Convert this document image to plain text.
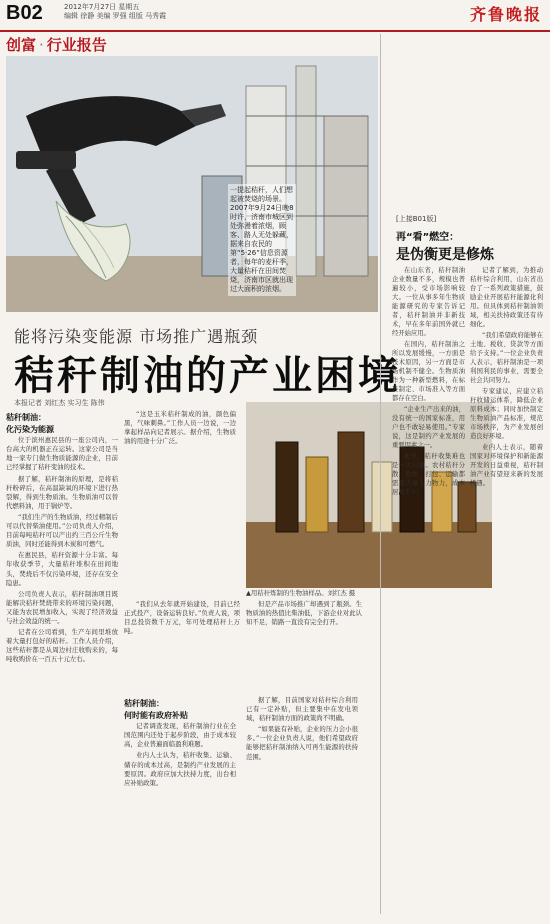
B02	2012年7月27日 星期五
编辑 徐静 美编 罗强 组版 马秀霞	齐鲁晚报
创富 · 行业报告
一提起秸秆，人们想起被焚烧的场景。2007年9月24日晚8时许，济南市城区到处弥漫着浓烟，顾客、路人无处躲藏，据来自农民的第“5·26”信息资源者，每年的麦秆季，大量秸秆在田间焚烧，济南市区就出现过大面积的浓烟。
能将污染变能源 市场推广遇瓶颈
秸秆制油的产业困境
本报记者 刘红杰 实习生 陈伟
秸秆制油：
化污染为能源

位于滨州惠民县的一座公司内，一台高大的机器正在运转。这家公司是当地一家专门做生物质能源的企业，目前已经掌握了秸秆变油的技术。

据了解，秸秆制油的原理，是将秸秆粉碎后，在高温缺氧的环境下进行热裂解，得到生物质油。生物质油可以替代燃料油，用于锅炉等。

“我们生产的生物质油，经过精制后可以代替柴油使用。”公司负责人介绍，目前每吨秸秆可以产出约三百公斤生物质油，同时还能得到木炭和可燃气。

在惠民县，秸秆资源十分丰富。每年收获季节，大量秸秆堆积在田间地头，焚烧后不仅污染环境，还存在安全隐患。

公司负责人表示，秸秆制油项目既能解决秸秆焚烧带来的环境污染问题，又能为农民增加收入，实现了经济效益与社会效益的统一。

记者在公司看到，生产车间里堆放着大量打包好的秸秆。工作人员介绍，这些秸秆都是从周边村庄收购来的，每吨收购价在一百五十元左右。

“这是玉米秸秆制成的油，颜色偏黑，气味刺鼻。”工作人员一边说，一边拿起样品向记者展示。据介绍，生物质油的用途十分广泛。

▲用秸秆炼制的生物油样品。刘红杰 摄

“我们从去年就开始建设，目前已经正式投产，设备运转良好。”负责人说，项目总投资数千万元，年可处理秸秆上万吨。

但是产品市场推广却遇到了瓶颈。生物质油的热值比柴油低，下游企业对此认知不足，销路一直没有完全打开。

秸秆制油：
何时能有政府补贴

记者调查发现，秸秆制油行业在全国范围内还处于起步阶段，由于成本较高，企业普遍面临盈利难题。

业内人士认为，秸秆收集、运输、储存的成本过高，是制约产业发展的主要原因。政府应加大扶持力度，出台相应补贴政策。

据了解，目前国家对秸秆综合利用已有一定补贴，但主要集中在发电领域，秸秆制油方面的政策尚不明确。

“如果能有补贴，企业的压力会小很多。”一位企业负责人说，他们希望政府能够把秸秆制油纳入可再生能源的扶持范围。

[上接B01版]
再“看”燃空：
是伪衡更是修炼

在山东省，秸秆制油企业数量不多，规模也普遍较小，受市场影响较大。一位从事多年生物质能源研究的专家告诉记者，秸秆制油并非新技术，早在多年前国外就已经开始应用。

在国内，秸秆制油之所以发展缓慢，一方面是技术原因，另一方面是市场机制不健全。生物质油作为一种新型燃料，在标准制定、市场准入等方面都存在空白。

“企业生产出来的油，没有统一的国家标准，用户也不敢轻易使用。”专家说，这是制约产业发展的重要因素之一。

此外，秸秆收集难也是一大问题。农村秸秆分散，收集、打包、运输都需要大量人力物力，成本居高不下。

记者了解到，为推动秸秆综合利用，山东省出台了一系列政策措施，鼓励企业开展秸秆能源化利用。但具体到秸秆制油领域，相关扶持政策还有待细化。

“我们希望政府能够在土地、税收、贷款等方面给予支持。”一位企业负责人表示，秸秆制油是一项利国利民的事业，需要全社会共同努力。

专家建议，应建立秸秆收储运体系，降低企业原料成本；同时加快制定生物质油产品标准，规范市场秩序，为产业发展创造良好环境。

业内人士表示，随着国家对环境保护和新能源开发的日益重视，秸秆制油产业有望迎来新的发展机遇。
